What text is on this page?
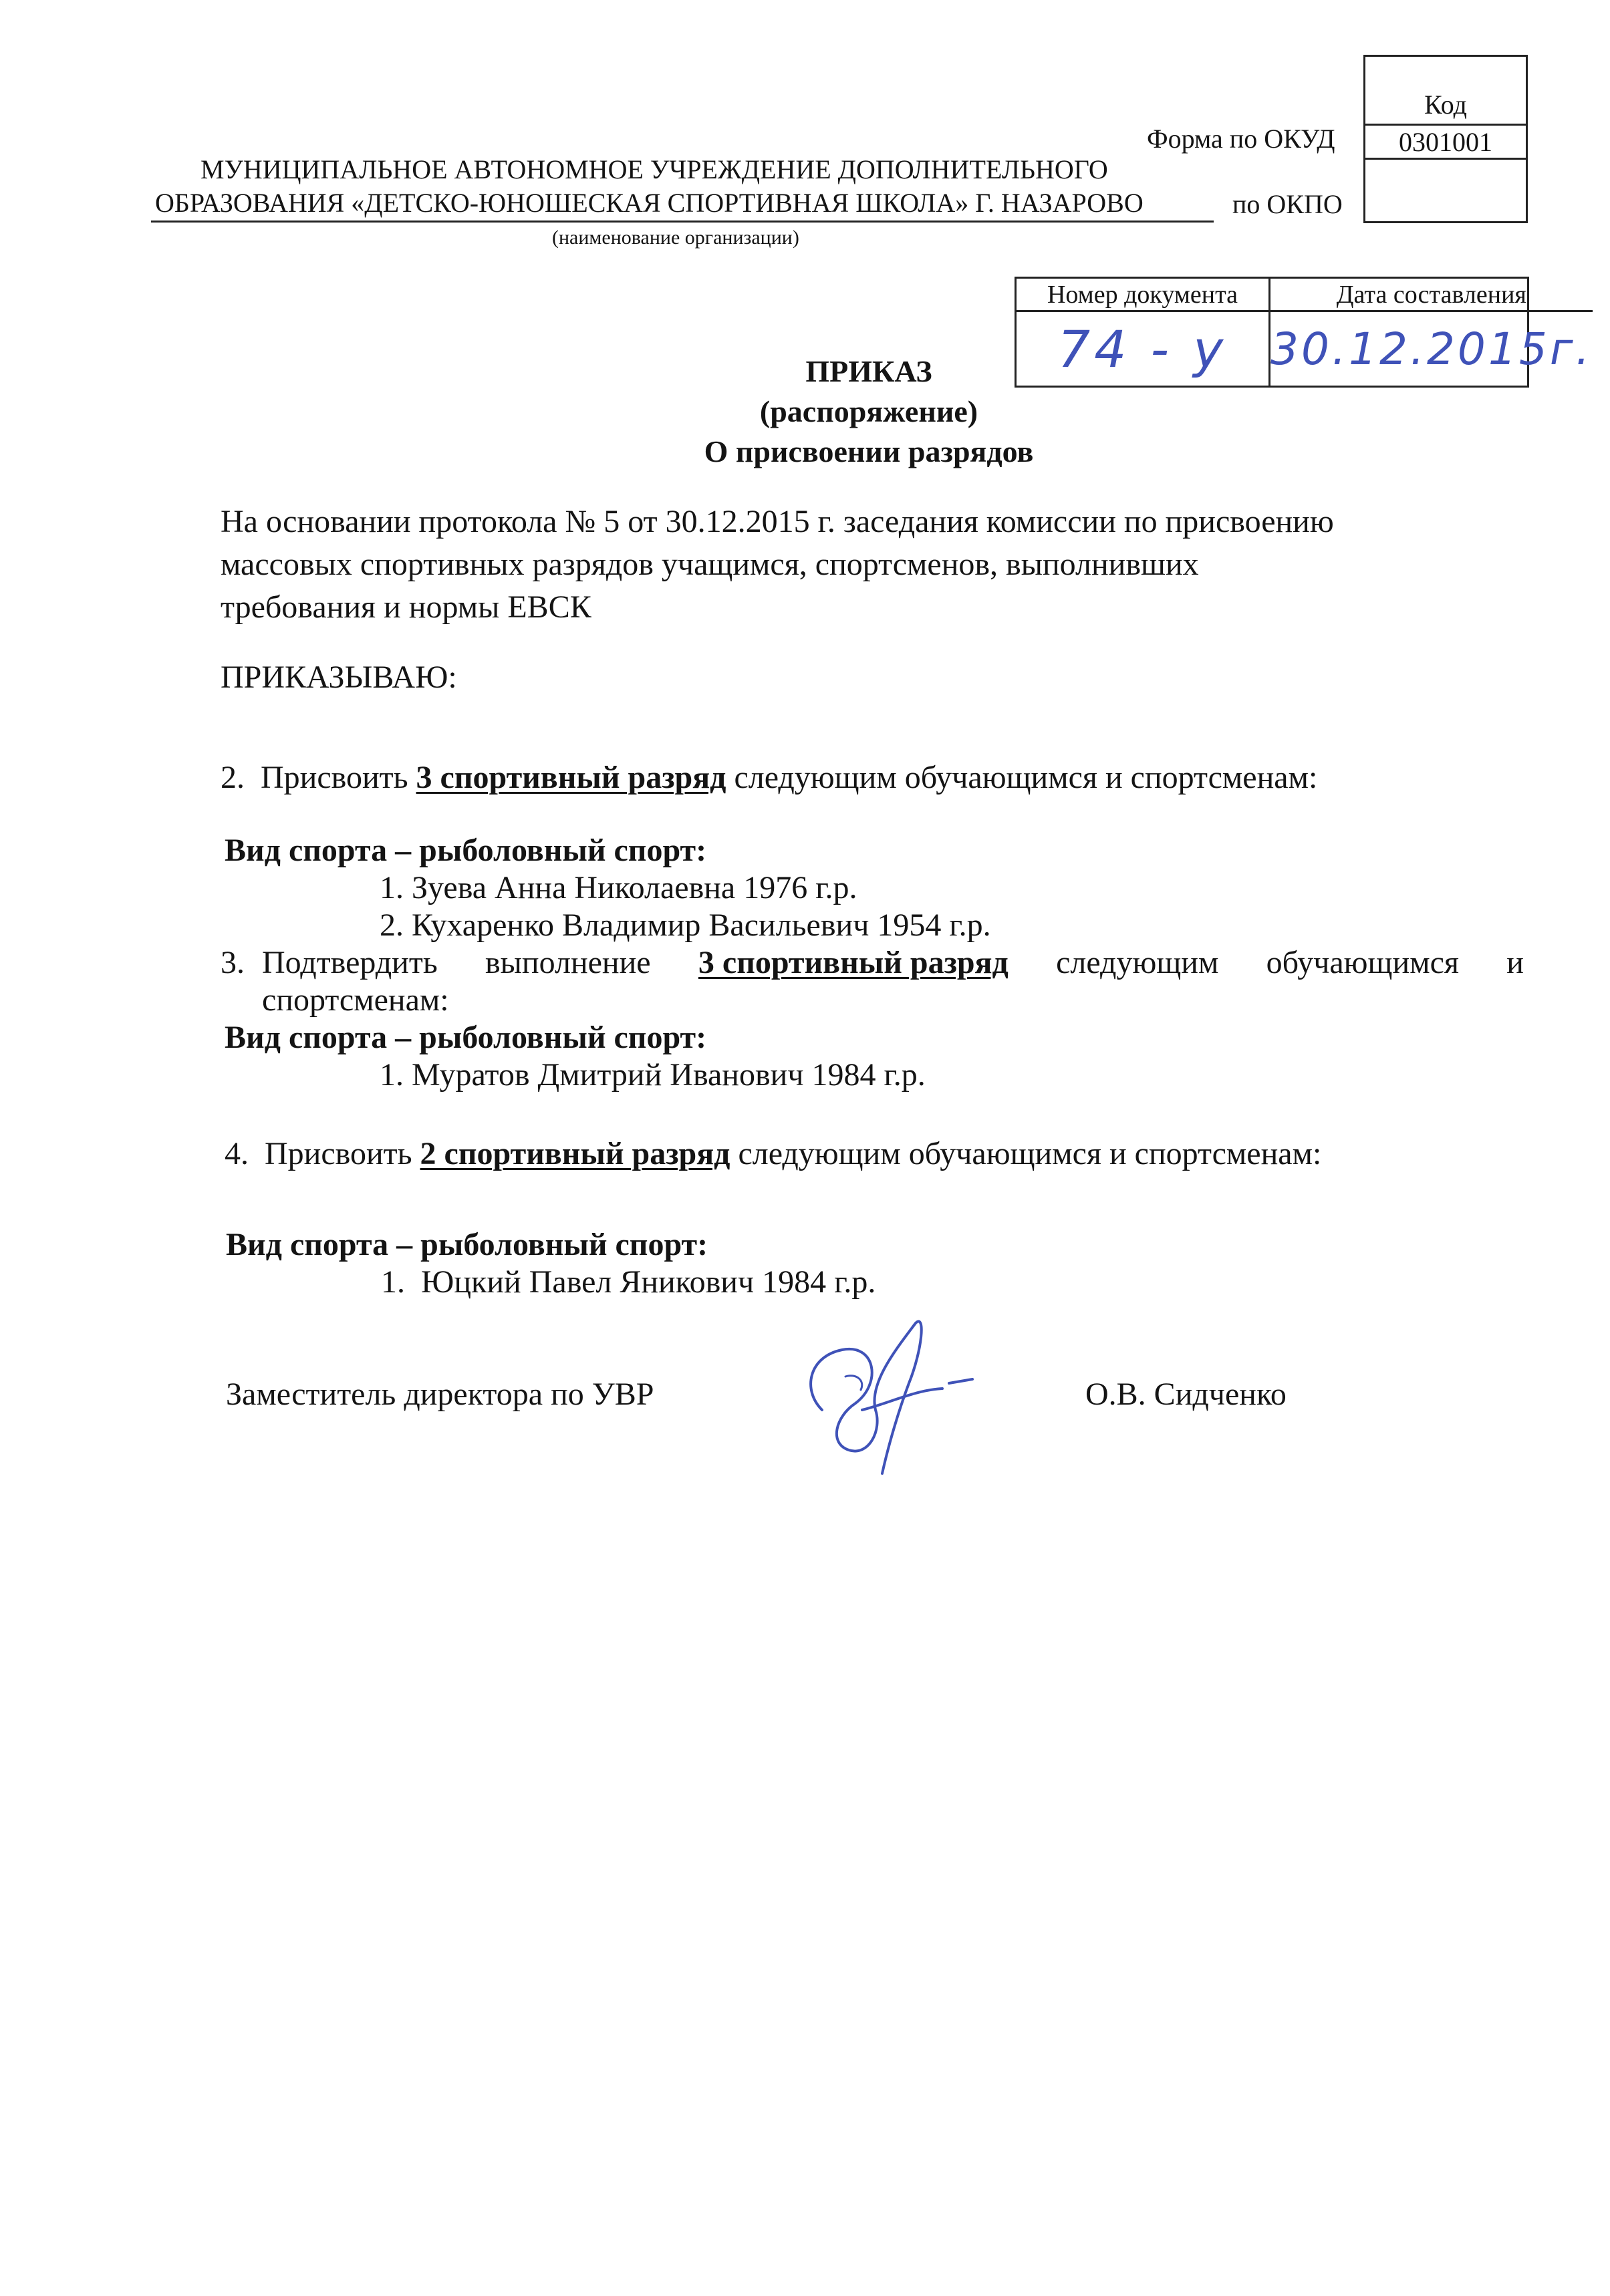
Код
0301001
Форма по ОКУД
по ОКПО
МУНИЦИПАЛЬНОЕ АВТОНОМНОЕ УЧРЕЖДЕНИЕ ДОПОЛНИТЕЛЬНОГО
ОБРАЗОВАНИЯ «ДЕТСКО-ЮНОШЕСКАЯ СПОРТИВНАЯ ШКОЛА» Г. НАЗАРОВО
(наименование организации)
Номер документа	Дата составления
74 - у 30.12.2015г.
ПРИКАЗ
(распоряжение)
О присвоении разрядов
На основании протокола № 5 от 30.12.2015 г. заседания комиссии по присвоению
массовых спортивных разрядов учащимся, спортсменов, выполнивших
требования и нормы ЕВСК
ПРИКАЗЫВАЮ:
2. Присвоить 3 спортивный разряд следующим обучающимся и спортсменам:
Вид спорта – рыболовный спорт:
1. Зуева Анна Николаевна 1976 г.р.
2. Кухаренко Владимир Васильевич 1954 г.р.
3. Подтвердить выполнение 3 спортивный разряд следующим обучающимся и
спортсменам:
Вид спорта – рыболовный спорт:
1. Муратов Дмитрий Иванович 1984 г.р.
4. Присвоить 2 спортивный разряд следующим обучающимся и спортсменам:
Вид спорта – рыболовный спорт:
1. Юцкий Павел Яникович 1984 г.р.
Заместитель директора по УВР	О.В. Сидченко
